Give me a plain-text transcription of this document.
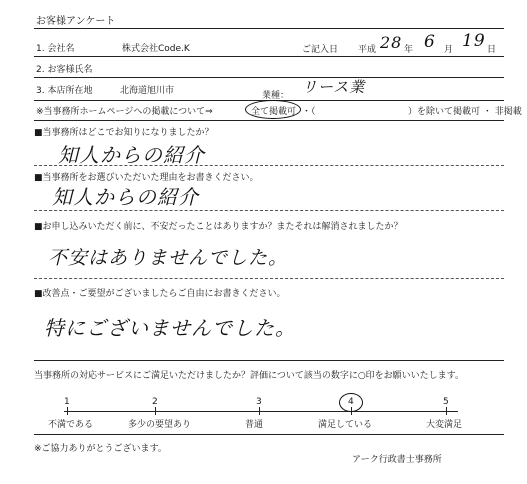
お客様アンケート
1. 会社名	株式会社Code.K	ご記入日 平成 28 年 6 月 19 日
2. お客様氏名
3. 本店所在地	北海道旭川市	業種： リース業
※当事務所ホームページへの掲載について⇒	全て掲載可 ・（	）を除いて掲載可 ・ 非掲載
■当事務所はどこでお知りになりましたか？
知人からの紹介
■当事務所をお選びいただいた理由をお書きください。
知人からの紹介
■お申し込みいただく前に、不安だったことはありますか？またそれは解消されましたか？
不安はありませんでした。
■改善点・ご要望がございましたらご自由にお書きください。
特にございませんでした。
当事務所の対応サービスにご満足いただけましたか？評価について該当の数字に○印をお願いいたします。
1
不満である
2
多少の要望あり
3
普通
4
満足している
5
大変満足
※ご協力ありがとうございます。
アーク行政書士事務所
